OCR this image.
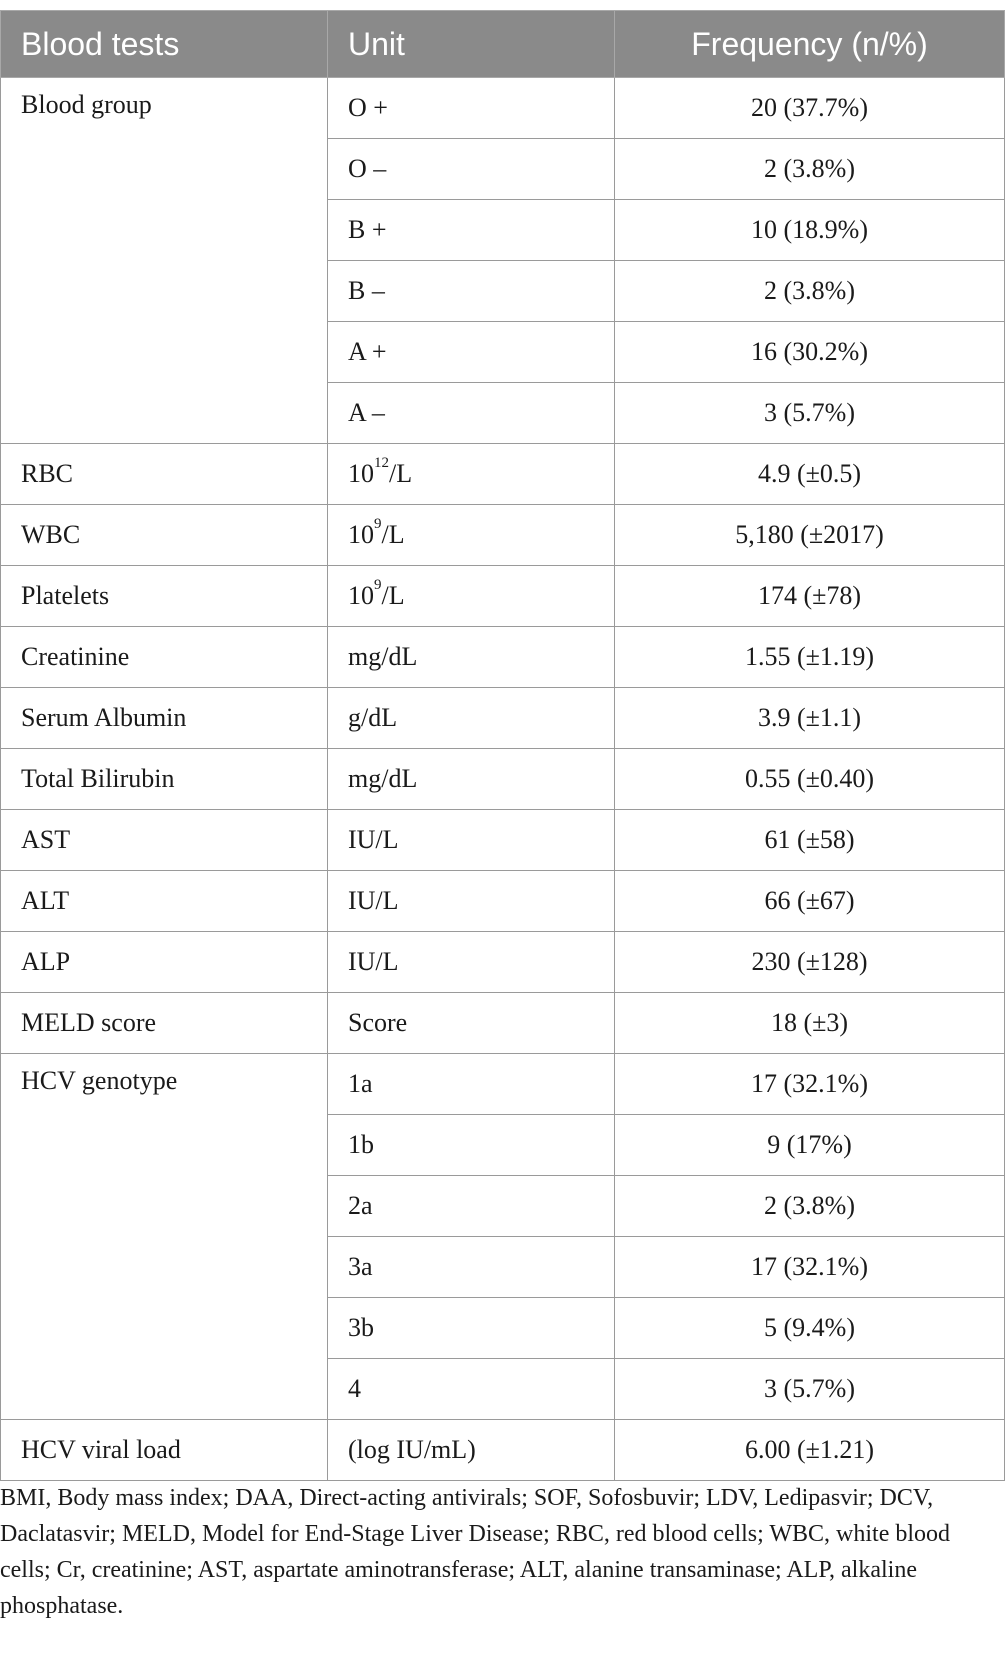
Blood tests	Unit	Frequency (n/%)
Blood group	O +	20 (37.7%)
	O –	2 (3.8%)
	B +	10 (18.9%)
	B –	2 (3.8%)
	A +	16 (30.2%)
	A –	3 (5.7%)
RBC	$10^{12}/L$	4.9 (±0.5)
WBC	$10^9/L$	5,180 (±2017)
Platelets	$10^9/L$	174 (±78)
Creatinine	mg/dL	1.55 (±1.19)
Serum Albumin	g/dL	3.9 (±1.1)
Total Bilirubin	mg/dL	0.55 (±0.40)
AST	IU/L	61 (±58)
ALT	IU/L	66 (±67)
ALP	IU/L	230 (±128)
MELD score	Score	18 (±3)
HCV genotype	1a	17 (32.1%)
	1b	9 (17%)
	2a	2 (3.8%)
	3a	17 (32.1%)
	3b	5 (9.4%)
	4	3 (5.7%)
HCV viral load	(log IU/mL)	6.00 (±1.21)

BMI, Body mass index; DAA, Direct-acting antivirals; SOF, Sofosbuvir; LDV, Ledipasvir; DCV, Daclatasvir; MELD, Model for End-Stage Liver Disease; RBC, red blood cells; WBC, white blood cells; Cr, creatinine; AST, aspartate aminotransferase; ALT, alanine transaminase; ALP, alkaline phosphatase.
